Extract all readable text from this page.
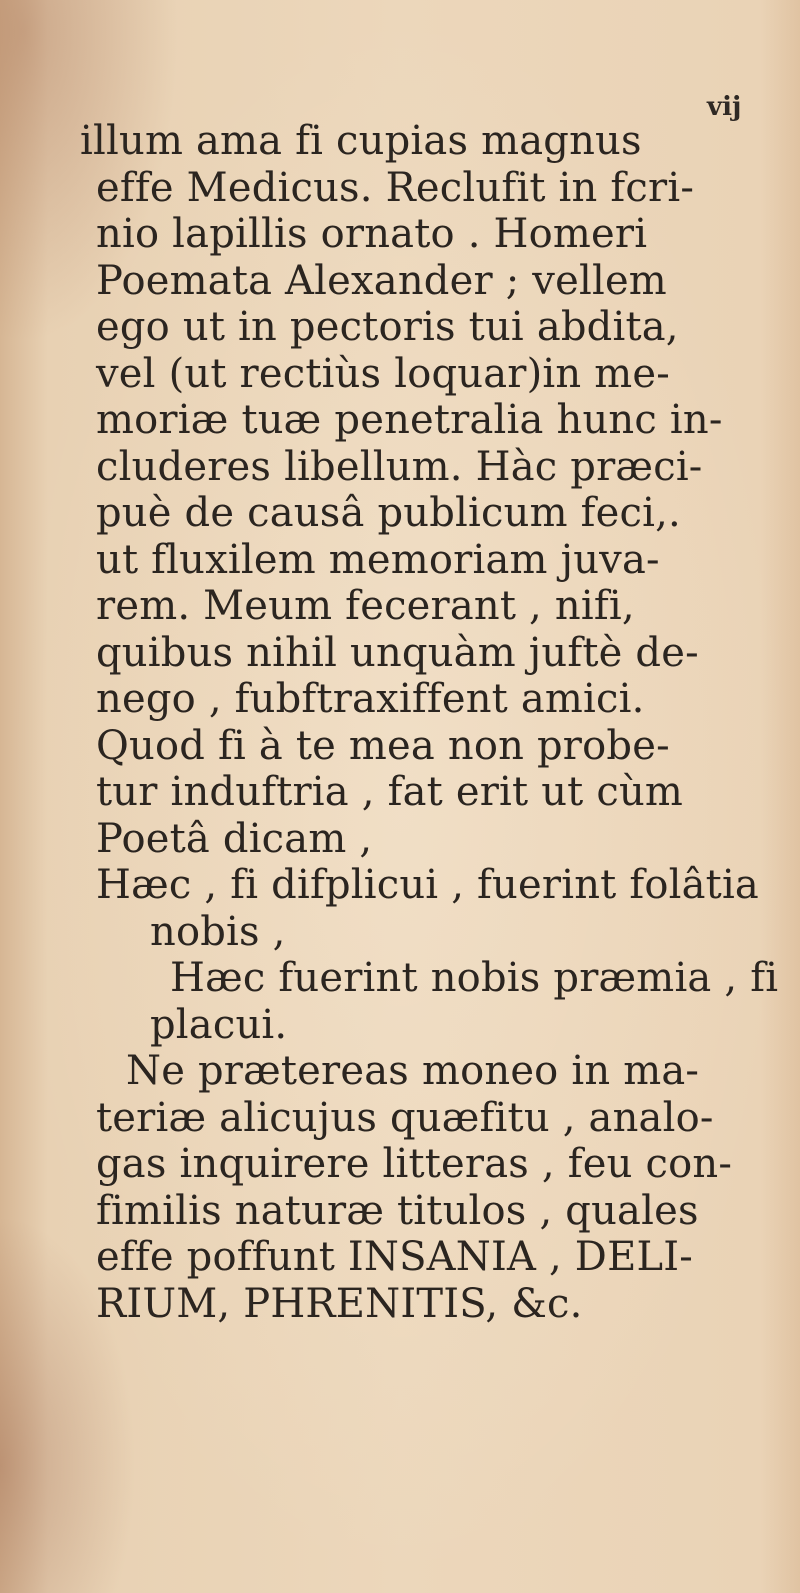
vij
illum ama fi cupias magnus
effe Medicus. Reclufit in fcri-
nio lapillis ornato . Homeri
Poemata Alexander ; vellem
ego ut in pectoris tui abdita,
vel (ut rectiùs loquar)in me-
moriæ tuæ penetralia hunc in-
cluderes libellum. Hàc præci-
puè de causâ publicum feci,.
ut fluxilem memoriam juva-
rem. Meum fecerant , nifi,
quibus nihil unquàm juftè de-
nego , fubftraxiffent amici.
Quod fi à te mea non probe-
tur induftria , fat erit ut cùm
Poetâ dicam ,
Hæc , fi difplicui , fuerint folâtia
nobis ,
Hæc fuerint nobis præmia , fi
placui.
Ne prætereas moneo in ma-
teriæ alicujus quæfitu , analo-
gas inquirere litteras , feu con-
fimilis naturæ titulos , quales
effe poffunt INSANIA , DELI-
RIUM, PHRENITIS, &c.
